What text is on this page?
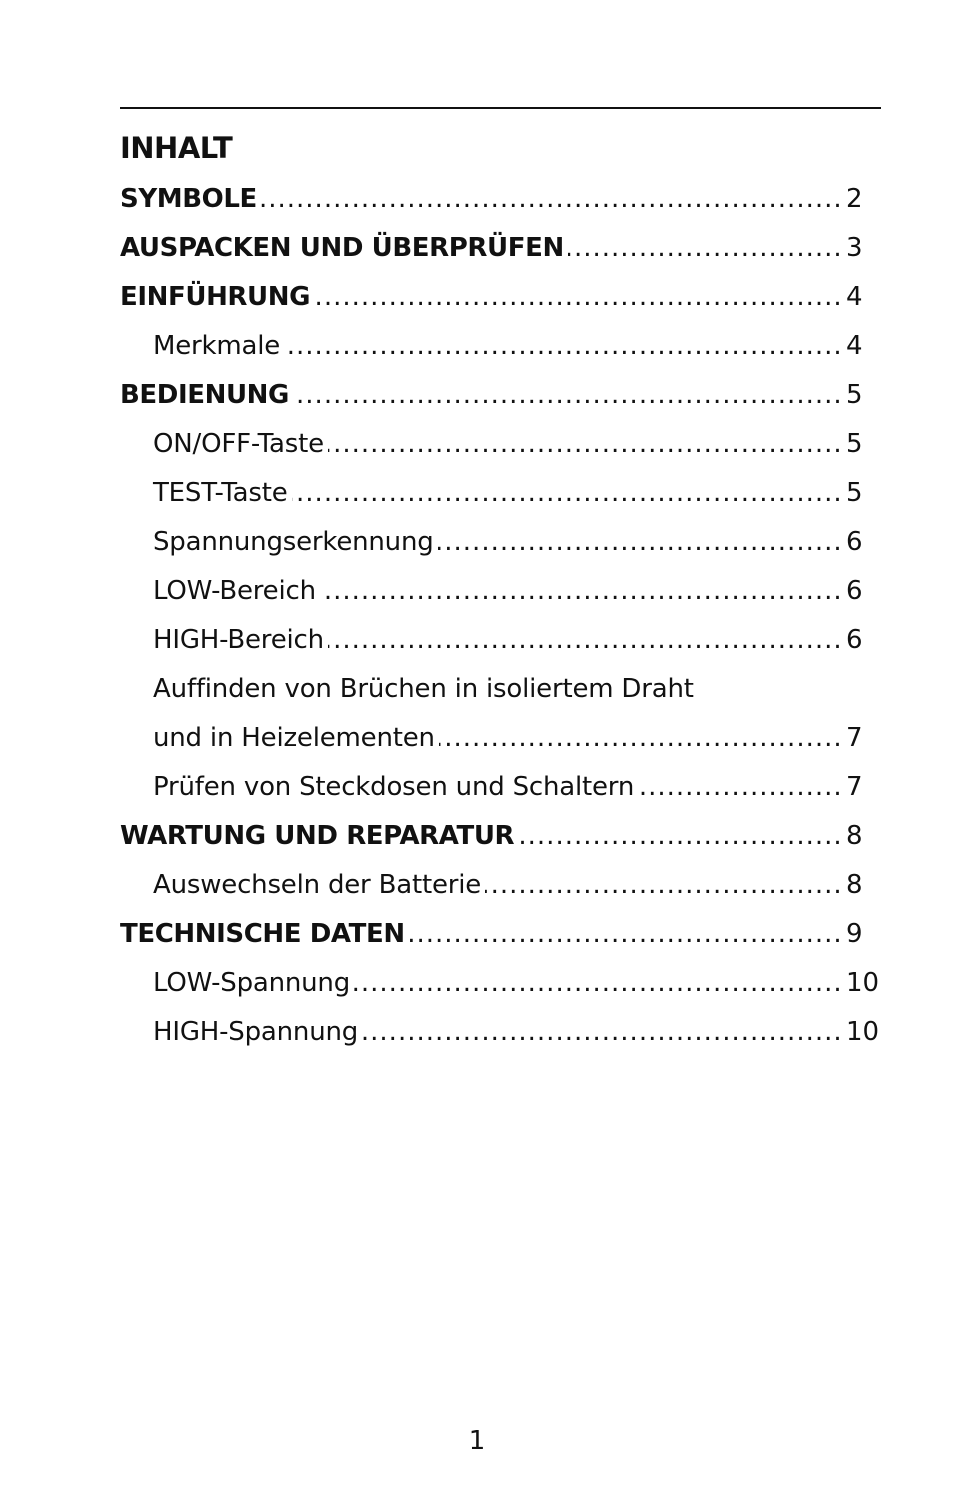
INHALT
SYMBOLE .....	2
AUSPACKEN UND ÜBERPRÜFEN .....	3
EINFÜHRUNG .....	4
Merkmale .....	4
BEDIENUNG .....	5
ON/OFF-Taste .....	5
TEST-Taste .....	5
Spannungserkennung .....	6
LOW-Bereich .....	6
HIGH-Bereich .....	6
Auffinden von Brüchen in isoliertem Draht
und in Heizelementen .....	7
Prüfen von Steckdosen und Schaltern .....	7
WARTUNG UND REPARATUR .....	8
Auswechseln der Batterie .....	8
TECHNISCHE DATEN .....	9
LOW-Spannung .....	10
HIGH-Spannung .....	10
1
